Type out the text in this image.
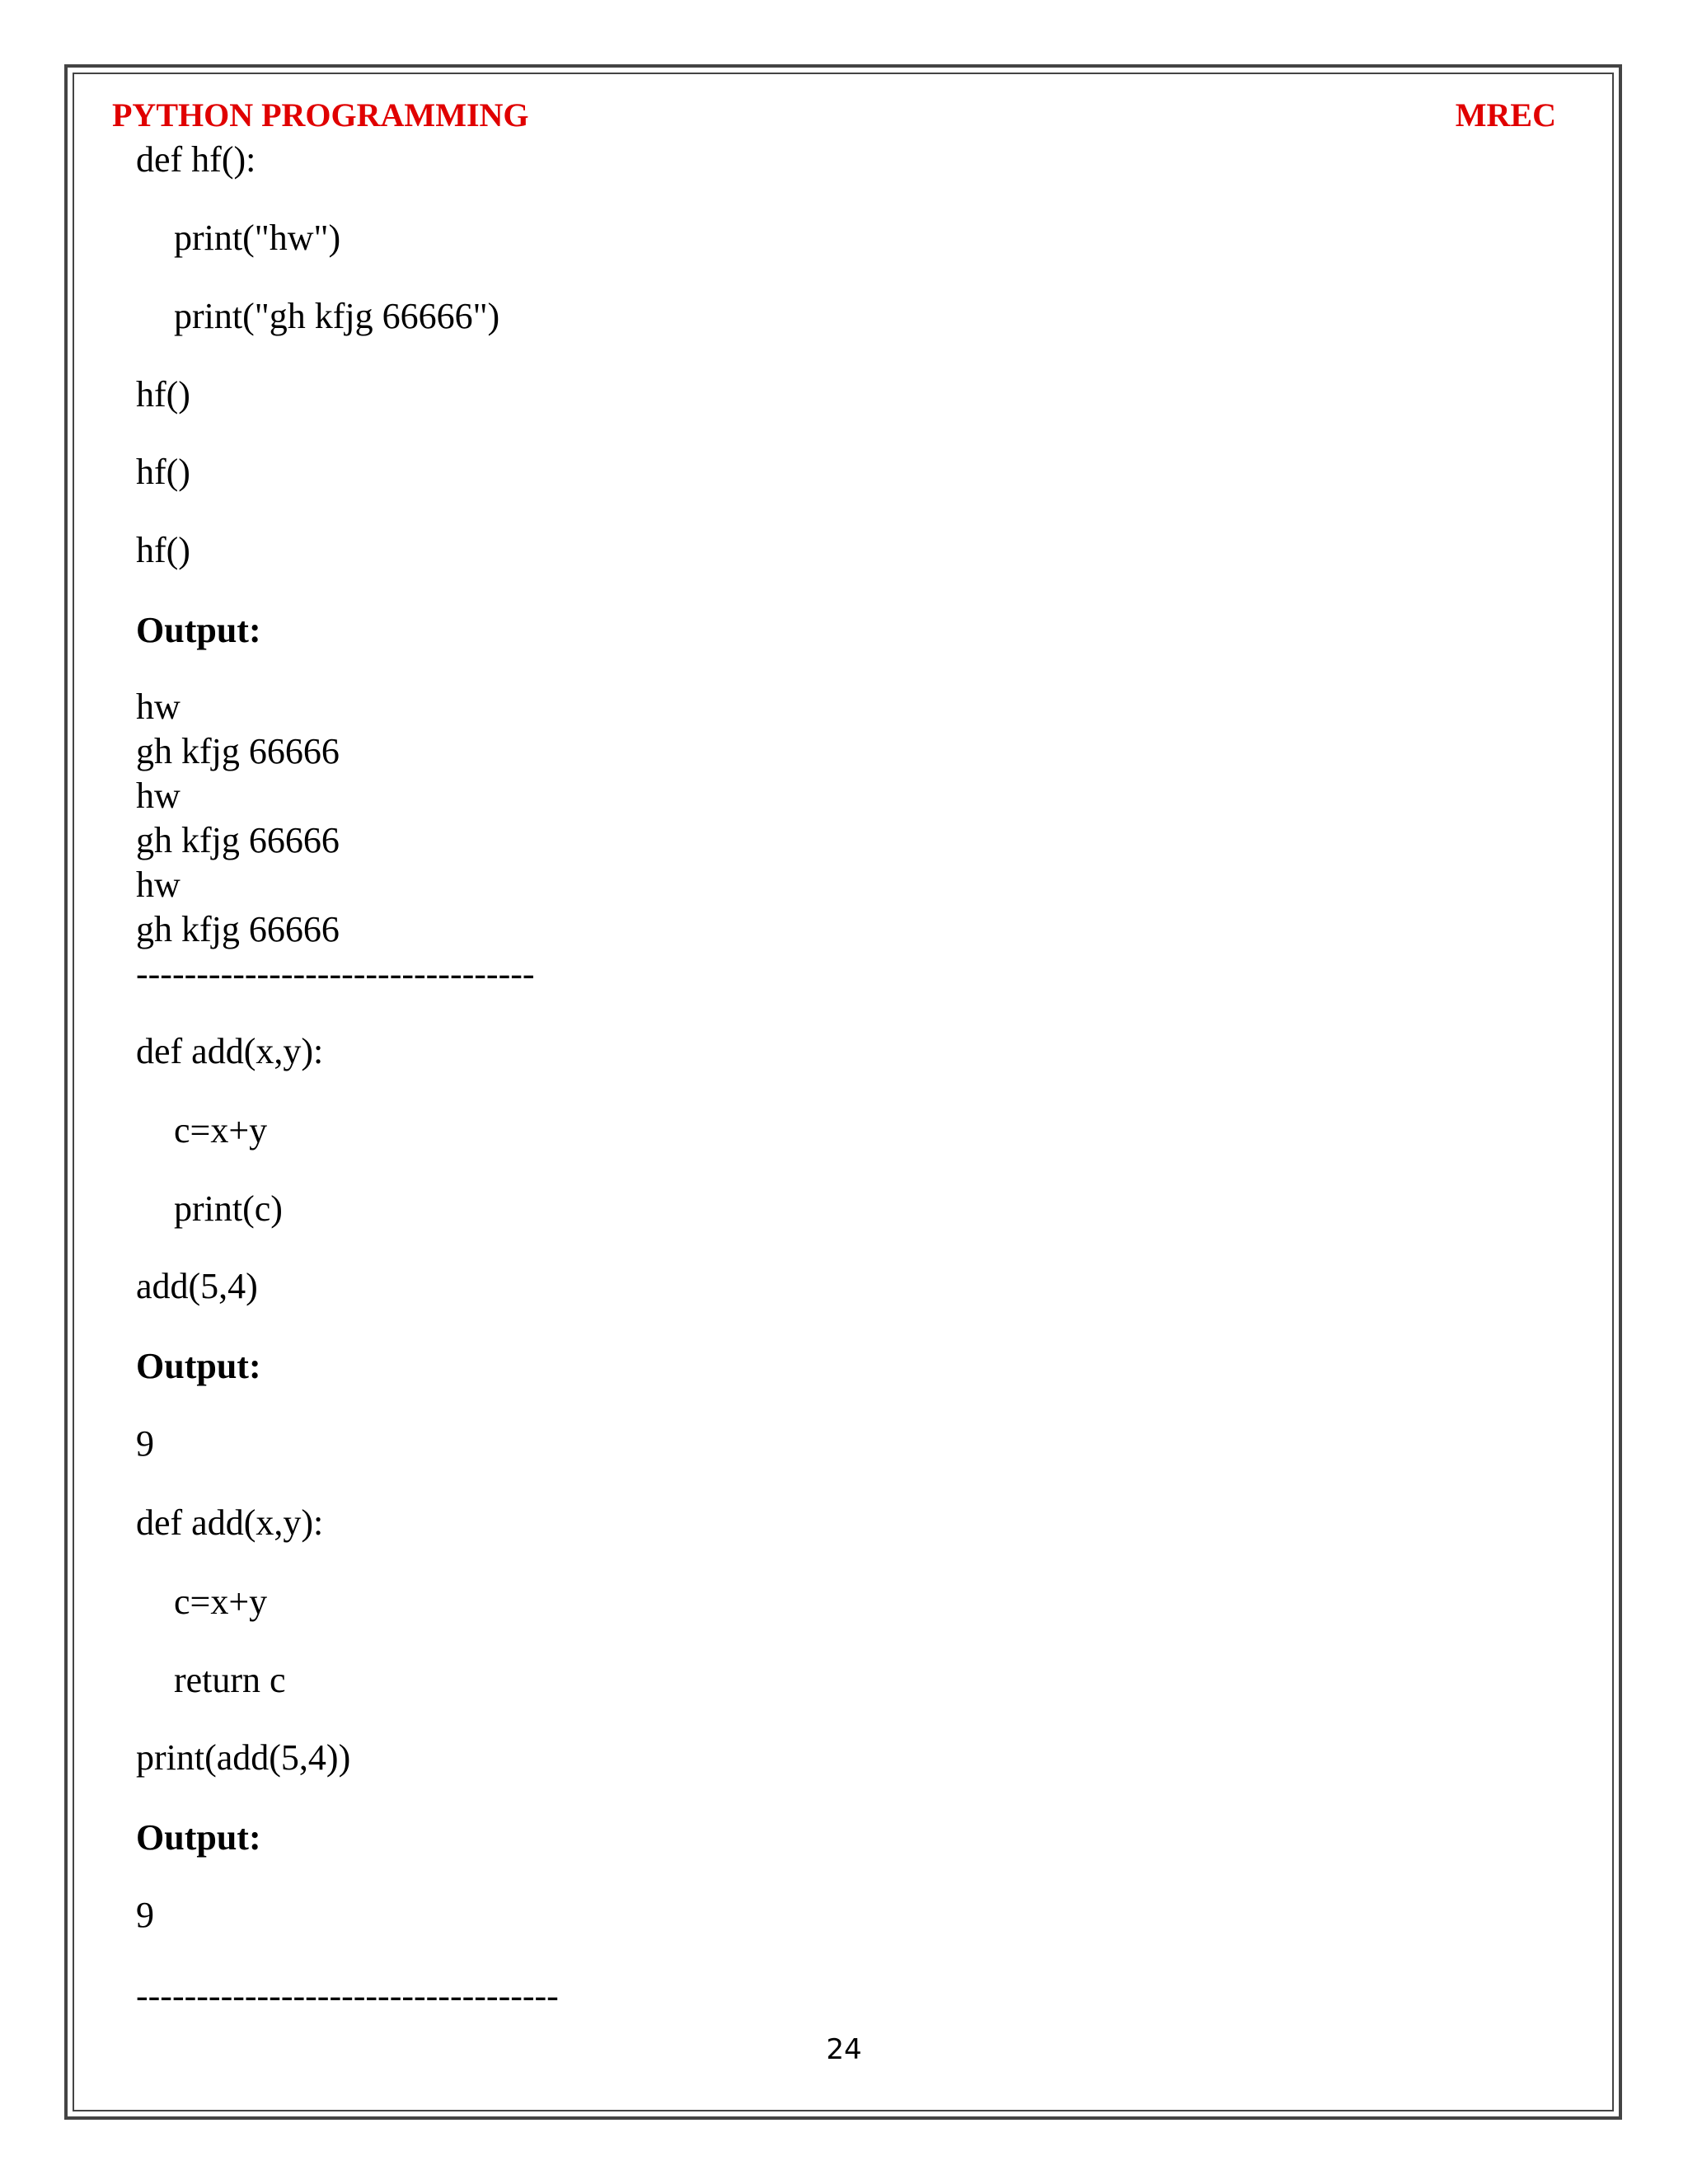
PYTHON PROGRAMMING	MREC
def hf():
print("hw")
print("gh kfjg 66666")
hf()
hf()
hf()
Output:
hw
gh kfjg 66666
hw
gh kfjg 66666
hw
gh kfjg 66666
---------------------------------
def add(x,y):
c=x+y
print(c)
add(5,4)
Output:
9
def add(x,y):
c=x+y
return c
print(add(5,4))
Output:
9
-----------------------------------
24
